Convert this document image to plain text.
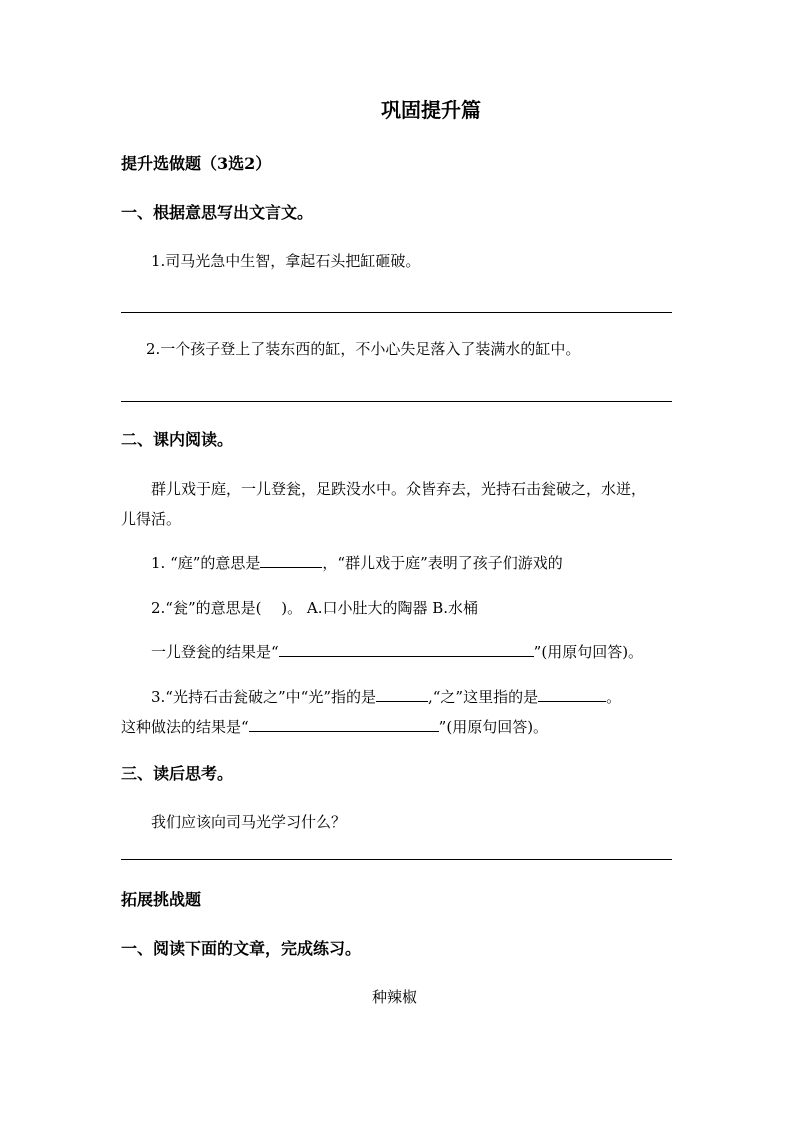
巩固提升篇
提升选做题（3选2）
一、根据意思写出文言文。
1.司马光急中生智，拿起石头把缸砸破。
2.一个孩子登上了装东西的缸，不小心失足落入了装满水的缸中。
二、课内阅读。
群儿戏于庭，一儿登瓮，足跌没水中。众皆弃去，光持石击瓮破之，水迸，
儿得活。
1. “庭”的意思是	，“群儿戏于庭”表明了孩子们游戏的
2.“瓮”的意思是(　 )。 A.口小肚大的陶器 B.水桶
一儿登瓮的结果是“	”(用原句回答)。
3.“光持石击瓮破之”中“光”指的是	,“之”这里指的是	。
这种做法的结果是“	”(用原句回答)。
三、读后思考。
我们应该向司马光学习什么？
拓展挑战题
一、阅读下面的文章，完成练习。
种辣椒
